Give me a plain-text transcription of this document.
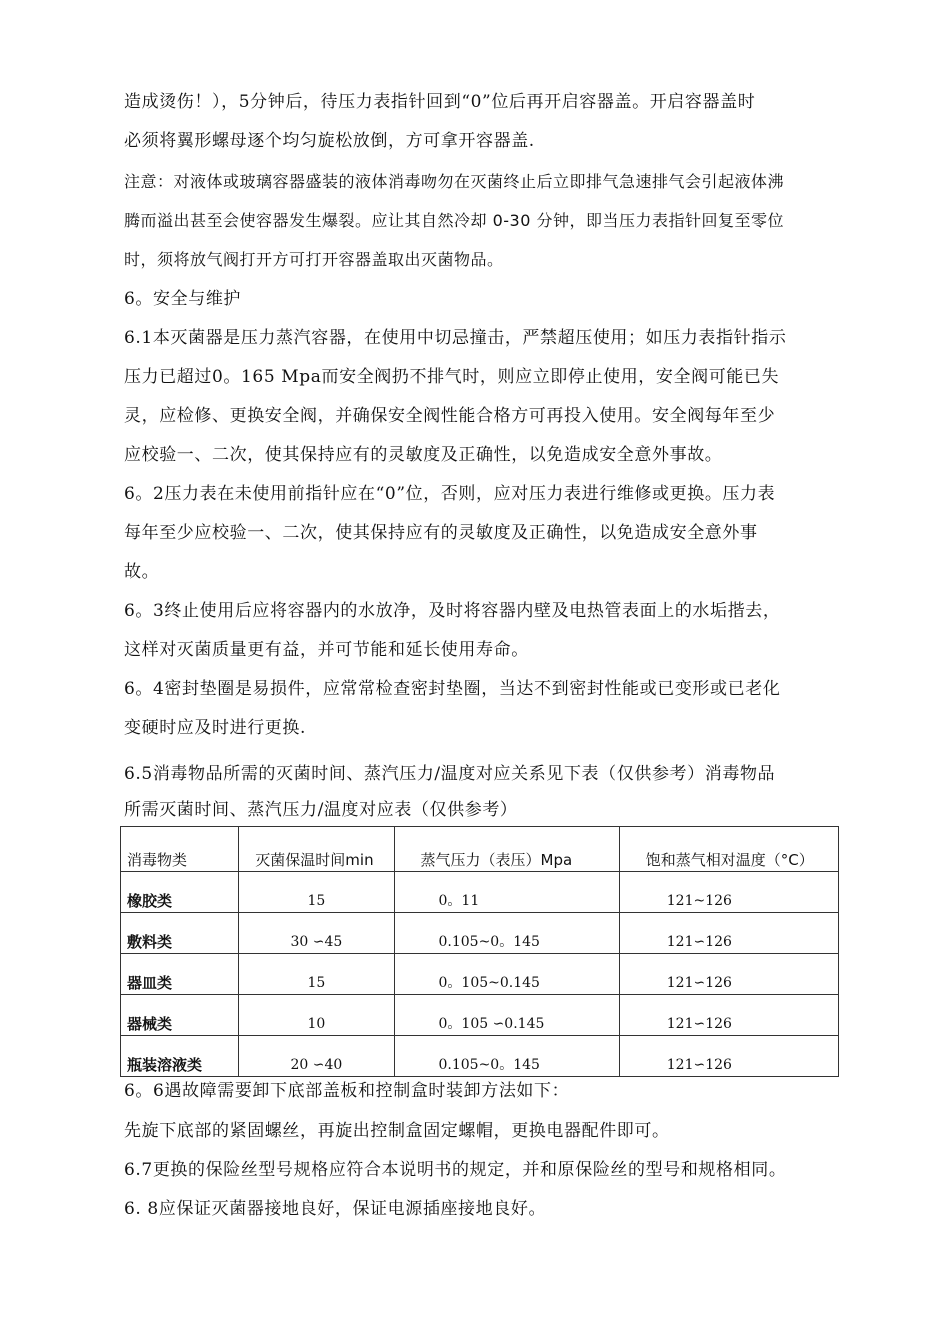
造成烫伤！），5分钟后，待压力表指针回到“0”位后再开启容器盖。开启容器盖时
必须将翼形螺母逐个均匀旋松放倒，方可拿开容器盖.
注意：对液体或玻璃容器盛装的液体消毒吻勿在灭菌终止后立即排气急速排气会引起液体沸
腾而溢出甚至会使容器发生爆裂。应让其自然冷却 0-30 分钟，即当压力表指针回复至零位
时，须将放气阀打开方可打开容器盖取出灭菌物品。
6。安全与维护
6.1本灭菌器是压力蒸汽容器，在使用中切忌撞击，严禁超压使用；如压力表指针指示
压力已超过0。165 Mpa而安全阀扔不排气时，则应立即停止使用，安全阀可能已失
灵，应检修、更换安全阀，并确保安全阀性能合格方可再投入使用。安全阀每年至少
应校验一、二次，使其保持应有的灵敏度及正确性，以免造成安全意外事故。
6。2压力表在未使用前指针应在“0”位，否则，应对压力表进行维修或更换。压力表
每年至少应校验一、二次，使其保持应有的灵敏度及正确性，以免造成安全意外事
故。
6。3终止使用后应将容器内的水放净，及时将容器内壁及电热管表面上的水垢揩去，
这样对灭菌质量更有益，并可节能和延长使用寿命。
6。4密封垫圈是易损件，应常常检查密封垫圈，当达不到密封性能或已变形或已老化
变硬时应及时进行更换.
6.5消毒物品所需的灭菌时间、蒸汽压力/温度对应关系见下表（仅供参考）消毒物品
所需灭菌时间、蒸汽压力/温度对应表（仅供参考）
消毒物类	灭菌保温时间min	蒸气压力（表压）Mpa	饱和蒸气相对温度（°C）

橡胶类	15	0。11	121~126

敷料类	30 ∽45	0.105~0。145	121∽126

器皿类	15	0。105~0.145	121∽126

器械类	10	0。105 ∽0.145	121∽126

瓶装溶液类	20 ∽40	0.105~0。145	121∽126
6。6遇故障需要卸下底部盖板和控制盒时装卸方法如下：
先旋下底部的紧固螺丝，再旋出控制盒固定螺帽，更换电器配件即可。
6.7更换的保险丝型号规格应符合本说明书的规定，并和原保险丝的型号和规格相同。
6. 8应保证灭菌器接地良好，保证电源插座接地良好。
